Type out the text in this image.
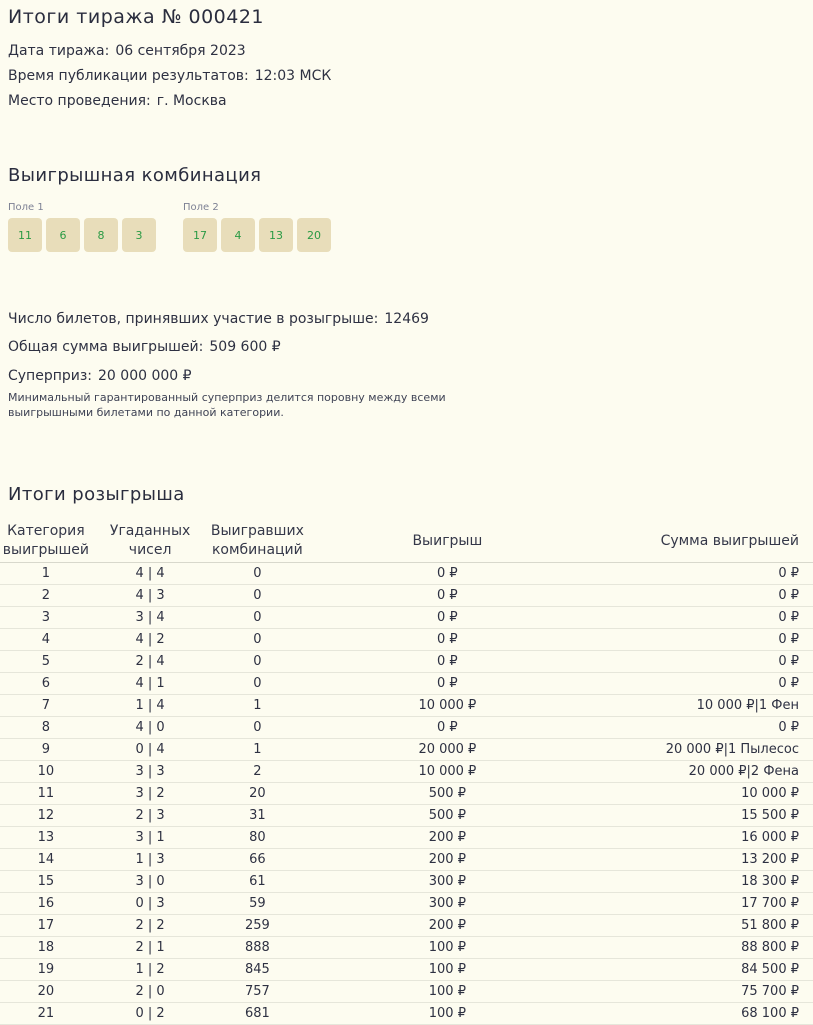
Итоги тиража № 000421
Дата тиража: 06 сентября 2023
Время публикации результатов: 12:03 МСК
Место проведения: г. Москва
Выигрышная комбинация
Поле 1
11	6	8	3
Поле 2
17	4	13	20
Число билетов, принявших участие в розыгрыше: 12469
Общая сумма выигрышей: 509 600 ₽
Суперприз: 20 000 000 ₽
Минимальный гарантированный суперприз делится поровну между всеми выигрышными билетами по данной категории.
Итоги розыгрыша
Категория выигрышей	Угаданных чисел	Выигравших комбинаций	Выигрыш	Сумма выигрышей
1	4 | 4	0	0 ₽	0 ₽
2	4 | 3	0	0 ₽	0 ₽
3	3 | 4	0	0 ₽	0 ₽
4	4 | 2	0	0 ₽	0 ₽
5	2 | 4	0	0 ₽	0 ₽
6	4 | 1	0	0 ₽	0 ₽
7	1 | 4	1	10 000 ₽	10 000 ₽|1 Фен
8	4 | 0	0	0 ₽	0 ₽
9	0 | 4	1	20 000 ₽	20 000 ₽|1 Пылесос
10	3 | 3	2	10 000 ₽	20 000 ₽|2 Фена
11	3 | 2	20	500 ₽	10 000 ₽
12	2 | 3	31	500 ₽	15 500 ₽
13	3 | 1	80	200 ₽	16 000 ₽
14	1 | 3	66	200 ₽	13 200 ₽
15	3 | 0	61	300 ₽	18 300 ₽
16	0 | 3	59	300 ₽	17 700 ₽
17	2 | 2	259	200 ₽	51 800 ₽
18	2 | 1	888	100 ₽	88 800 ₽
19	1 | 2	845	100 ₽	84 500 ₽
20	2 | 0	757	100 ₽	75 700 ₽
21	0 | 2	681	100 ₽	68 100 ₽
